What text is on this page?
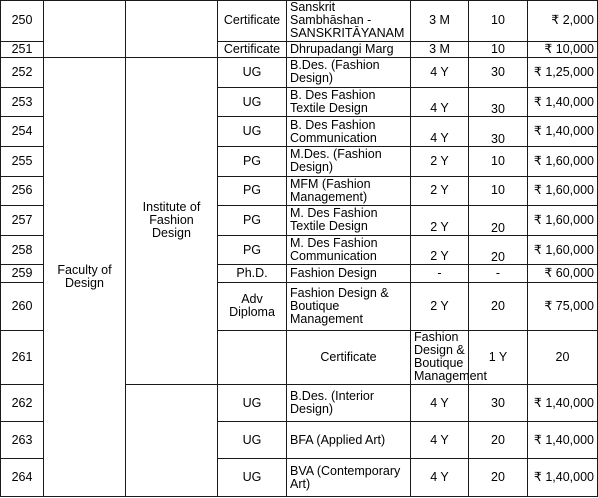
250			Certificate	Sanskrit Sambhāshan - SANSKRITĀYANAM	3 M	10	₹ 2,000	
251			Certificate	Dhrupadangi Marg	3 M	10	₹ 10,000	
252	Faculty of Design	Institute of Fashion Design	UG	B.Des. (Fashion Design)	4 Y	30	₹ 1,25,000	
253			UG	B. Des Fashion Textile Design	4 Y	30	₹ 1,40,000	
254			UG	B. Des Fashion Communication	4 Y	30	₹ 1,40,000	
255			PG	M.Des. (Fashion Design)	2 Y	10	₹ 1,60,000	
256			PG	MFM (Fashion Management)	2 Y	10	₹ 1,60,000	
257			PG	M. Des Fashion Textile Design	2 Y	20	₹ 1,60,000	
258			PG	M. Des Fashion Communication	2 Y	20	₹ 1,60,000	
259			Ph.D.	Fashion Design	-	-	₹ 60,000	
260			Adv Diploma	Fashion Design & Boutique Management	2 Y	20	₹ 75,000	
261				Certificate	Fashion Design & Boutique Management	1 Y	20	
262			UG	B.Des. (Interior Design)	4 Y	30	₹ 1,40,000	
263			UG	BFA (Applied Art)	4 Y	20	₹ 1,40,000	
264			UG	BVA (Contemporary Art)	4 Y	20	₹ 1,40,000	
